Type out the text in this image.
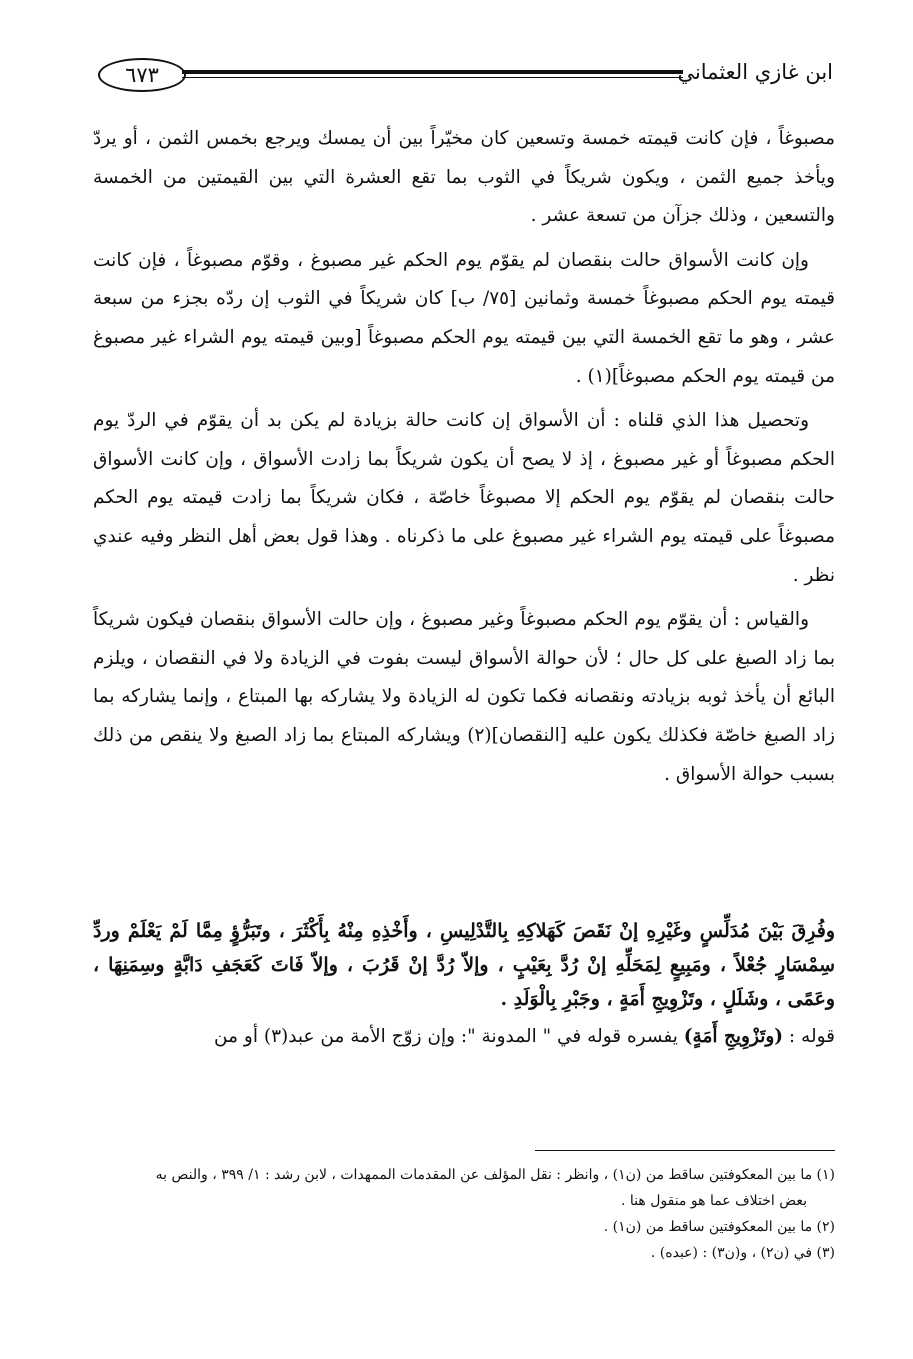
٦٧٣	ابن غازي العثماني

مصبوغاً ، فإن كانت قيمته خمسة وتسعين كان مخيّراً بين أن يمسك ويرجع بخمس الثمن ، أو يردّ ويأخذ جميع الثمن ، ويكون شريكاً في الثوب بما تقع العشرة التي بين القيمتين من الخمسة والتسعين ، وذلك جزآن من تسعة عشر .

وإن كانت الأسواق حالت بنقصان لم يقوّم يوم الحكم غير مصبوغ ، وقوّم مصبوغاً ، فإن كانت قيمته يوم الحكم مصبوغاً خمسة وثمانين [٧٥/ ب] كان شريكاً في الثوب إن ردّه بجزء من سبعة عشر ، وهو ما تقع الخمسة التي بين قيمته يوم الحكم مصبوغاً [وبين قيمته يوم الشراء غير مصبوغ من قيمته يوم الحكم مصبوغاً](١) .

وتحصيل هذا الذي قلناه : أن الأسواق إن كانت حالة بزيادة لم يكن بد أن يقوّم في الردّ يوم الحكم مصبوغاً أو غير مصبوغ ، إذ لا يصح أن يكون شريكاً بما زادت الأسواق ، وإن كانت الأسواق حالت بنقصان لم يقوّم يوم الحكم إلا مصبوغاً خاصّة ، فكان شريكاً بما زادت قيمته يوم الحكم مصبوغاً على قيمته يوم الشراء غير مصبوغ على ما ذكرناه . وهذا قول بعض أهل النظر وفيه عندي نظر .

والقياس : أن يقوّم يوم الحكم مصبوغاً وغير مصبوغ ، وإن حالت الأسواق بنقصان فيكون شريكاً بما زاد الصبغ على كل حال ؛ لأن حوالة الأسواق ليست بفوت في الزيادة ولا في النقصان ، ويلزم البائع أن يأخذ ثوبه بزيادته ونقصانه فكما تكون له الزيادة ولا يشاركه بها المبتاع ، وإنما يشاركه بما زاد الصبغ خاصّة فكذلك يكون عليه [النقصان](٢) ويشاركه المبتاع بما زاد الصبغ ولا ينقص من ذلك بسبب حوالة الأسواق .

وفُرِقَ بَيْنَ مُدَلِّسٍ وغَيْرِهِ إنْ نَقَصَ كَهَلاكِهِ بِالتَّدْلِيسِ ، وأَخْذِهِ مِنْهُ بِأَكْثَرَ ، وتَبَرُّؤٍ مِمَّا لَمْ يَعْلَمْ وردِّ سِمْسَارٍ جُعْلاً ، ومَبِيعٍ لِمَحَلِّهِ إنْ رُدَّ بِعَيْبٍ ، وإلاّ رُدَّ إنْ قَرُبَ ، وإلاّ فَاتَ كَعَجَفِ دَابَّةٍ وسِمَنِهَا ، وعَمًى ، وشَلَلٍ ، وتَزْوِيجِ أَمَةٍ ، وجَبْرِ بِالْوَلَدِ .

قوله : (وتَزْوِيجِ أَمَةٍ) يفسره قوله في " المدونة ": وإن زوّج الأمة من عبد(٣) أو من

(١) ما بين المعكوفتين ساقط من (ن١) ، وانظر : نقل المؤلف عن المقدمات الممهدات ، لابن رشد : ١/ ٣٩٩ ، والنص به

بعض اختلاف عما هو منقول هنا .

(٢) ما بين المعكوفتين ساقط من (ن١) .

(٣) في (ن٢) ، و(ن٣) : (عبده) .
